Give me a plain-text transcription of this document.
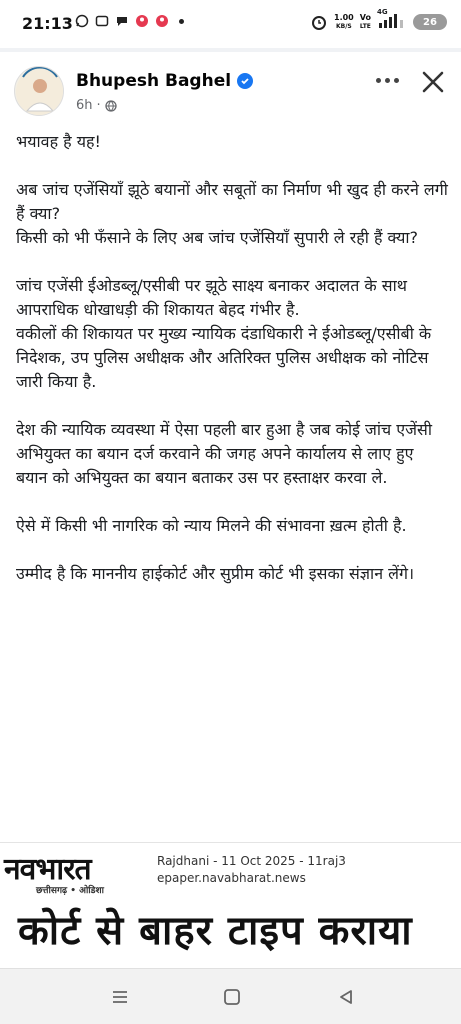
21:13	1.00
KB/S
Vo
LTE
4G
26
Bhupesh Baghel
6h ·

भयावह है यह!

अब जांच एजेंसियाँ झूठे बयानों और सबूतों का निर्माण भी खुद ही करने लगी हैं क्या?
किसी को भी फँसाने के लिए अब जांच एजेंसियाँ सुपारी ले रही हैं क्या?

जांच एजेंसी ईओडब्लू/एसीबी पर झूठे साक्ष्य बनाकर अदालत के साथ आपराधिक धोखाधड़ी की शिकायत बेहद गंभीर है.
वकीलों की शिकायत पर मुख्य न्यायिक दंडाधिकारी ने ईओडब्लू/एसीबी के निदेशक, उप पुलिस अधीक्षक और अतिरिक्त पुलिस अधीक्षक को नोटिस जारी किया है.

देश की न्यायिक व्यवस्था में ऐसा पहली बार हुआ है जब कोई जांच एजेंसी अभियुक्त का बयान दर्ज करवाने की जगह अपने कार्यालय से लाए हुए बयान को अभियुक्त का बयान बताकर उस पर हस्ताक्षर करवा ले.

ऐसे में किसी भी नागरिक को न्याय मिलने की संभावना ख़त्म होती है.

उम्मीद है कि माननीय हाईकोर्ट और सुप्रीम कोर्ट भी इसका संज्ञान लेंगे।

नवभारत
छत्तीसगढ़ • ओडिशा
Rajdhani - 11 Oct 2025 - 11raj3
epaper.navabharat.news
कोर्ट से बाहर टाइप कराया
